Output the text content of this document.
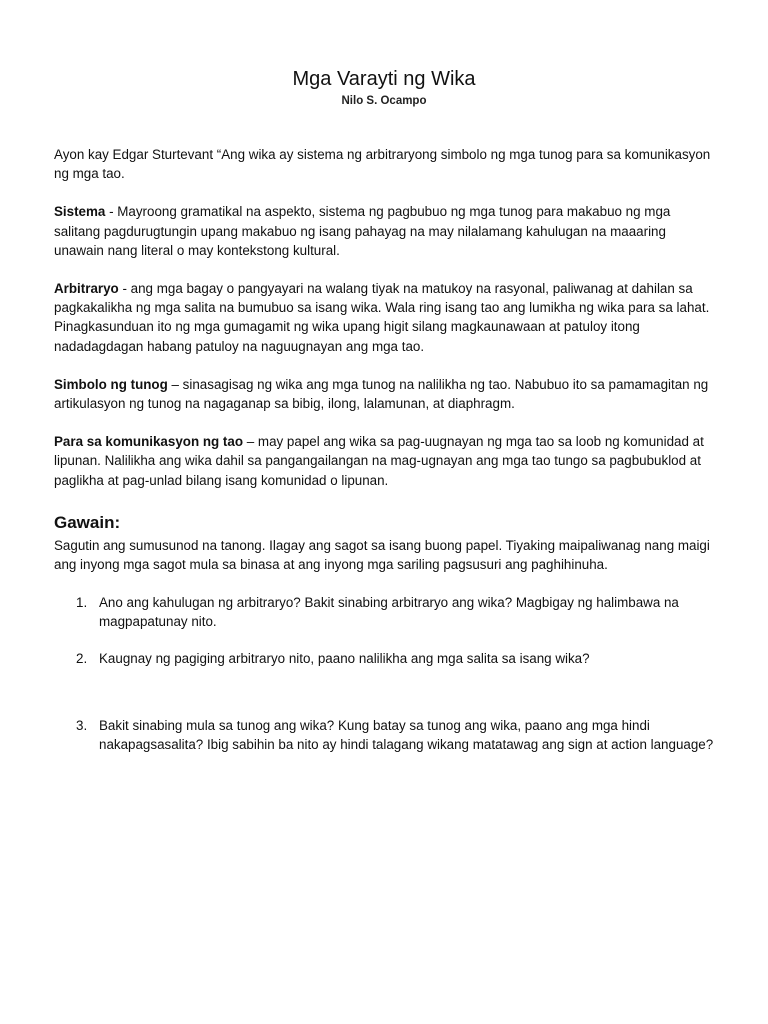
Mga Varayti ng Wika
Nilo S. Ocampo

Ayon kay Edgar Sturtevant “Ang wika ay sistema ng arbitraryong simbolo ng mga tunog para sa komunikasyon ng mga tao.

Sistema - Mayroong gramatikal na aspekto, sistema ng pagbubuo ng mga tunog para makabuo ng mga salitang pagdurugtungin upang makabuo ng isang pahayag na may nilalamang kahulugan na maaaring unawain nang literal o may kontekstong kultural.

Arbitraryo - ang mga bagay o pangyayari na walang tiyak na matukoy na rasyonal, paliwanag at dahilan sa pagkakalikha ng mga salita na bumubuo sa isang wika. Wala ring isang tao ang lumikha ng wika para sa lahat. Pinagkasunduan ito ng mga gumagamit ng wika upang higit silang magkaunawaan at patuloy itong nadadagdagan habang patuloy na naguugnayan ang mga tao.

Simbolo ng tunog – sinasagisag ng wika ang mga tunog na nalilikha ng tao. Nabubuo ito sa pamamagitan ng artikulasyon ng tunog na nagaganap sa bibig, ilong, lalamunan, at diaphragm.

Para sa komunikasyon ng tao – may papel ang wika sa pag-uugnayan ng mga tao sa loob ng komunidad at lipunan. Nalilikha ang wika dahil sa pangangailangan na mag-ugnayan ang mga tao tungo sa pagbubuklod at paglikha at pag-unlad bilang isang komunidad o lipunan.

Gawain:

Sagutin ang sumusunod na tanong. Ilagay ang sagot sa isang buong papel. Tiyaking maipaliwanag nang maigi ang inyong mga sagot mula sa binasa at ang inyong mga sariling pagsusuri ang paghihinuha.

1. Ano ang kahulugan ng arbitraryo? Bakit sinabing arbitraryo ang wika? Magbigay ng halimbawa na magpapatunay nito.
2. Kaugnay ng pagiging arbitraryo nito, paano nalilikha ang mga salita sa isang wika?
3. Bakit sinabing mula sa tunog ang wika? Kung batay sa tunog ang wika, paano ang mga hindi nakapagsasalita? Ibig sabihin ba nito ay hindi talagang wikang matatawag ang sign at action language?
